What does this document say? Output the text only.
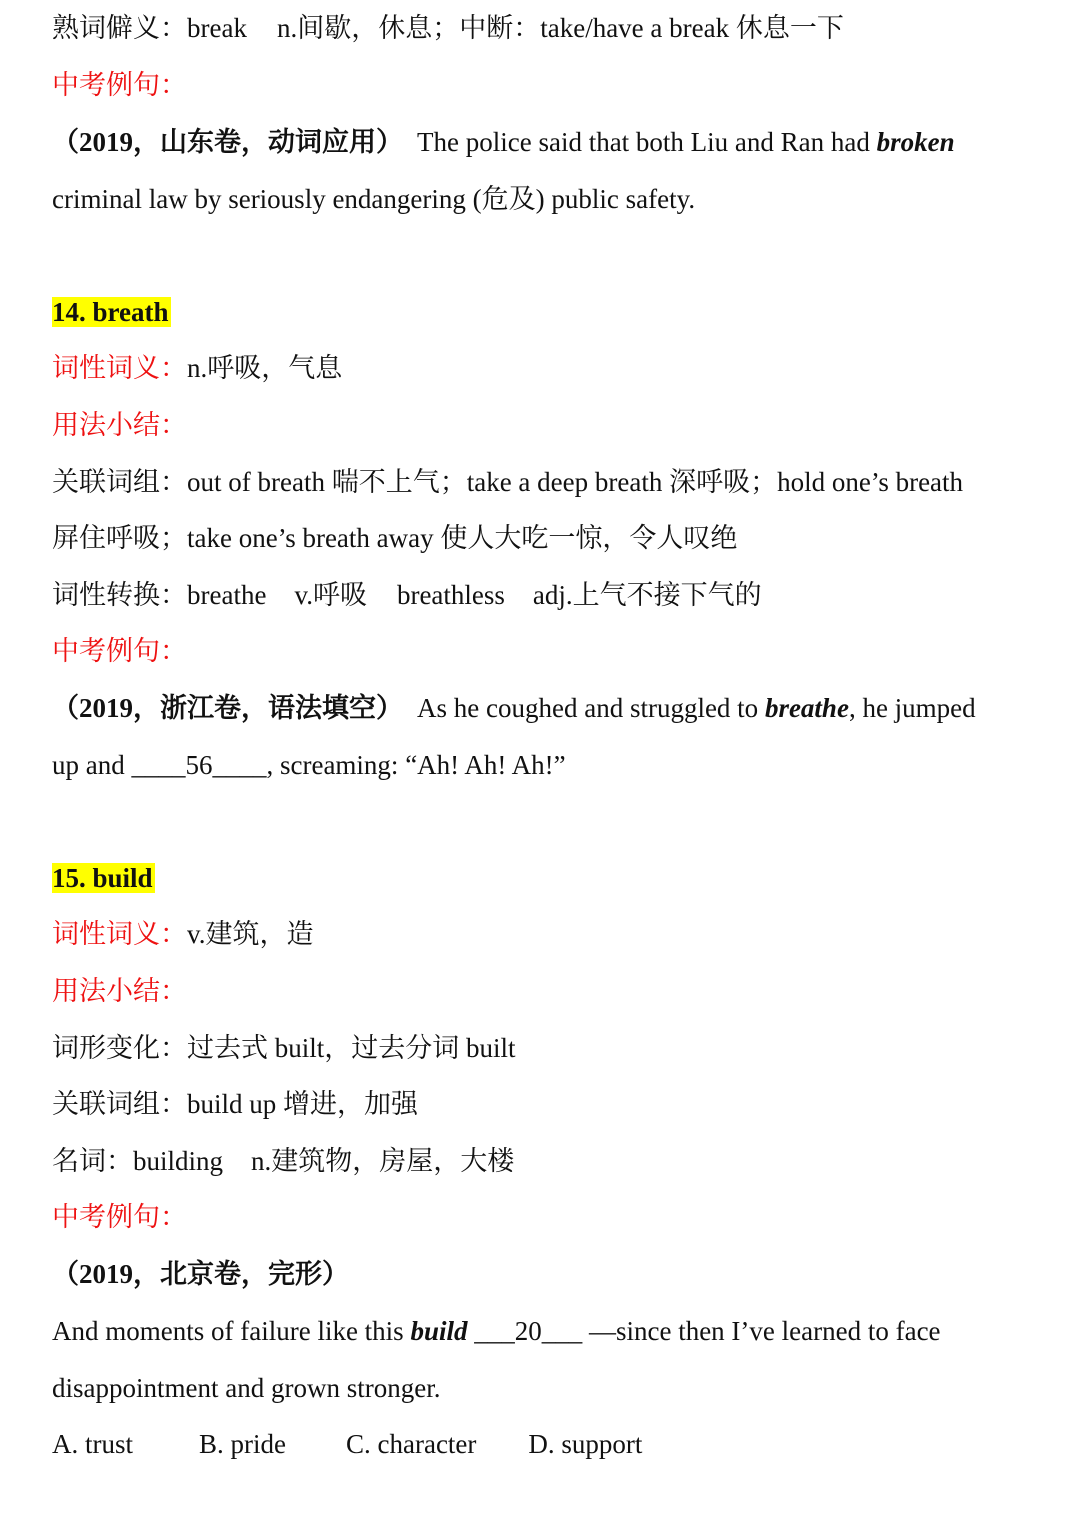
熟词僻义：break n.间歇，休息；中断：take/have a break 休息一下
中考例句：
（2019，山东卷，动词应用） The police said that both Liu and Ran had broken
criminal law by seriously endangering (危及) public safety.
14. breath
词性词义：n.呼吸，气息
用法小结：
关联词组：out of breath 喘不上气；take a deep breath 深呼吸；hold one’s breath
屏住呼吸；take one’s breath away 使人大吃一惊，令人叹绝
词性转换：breathe v.呼吸 breathless adj.上气不接下气的
中考例句：
（2019，浙江卷，语法填空） As he coughed and struggled to breathe, he jumped
up and ____56____, screaming: “Ah! Ah! Ah!”
15. build
词性词义：v.建筑，造
用法小结：
词形变化：过去式 built，过去分词 built
关联词组：build up 增进，加强
名词：building n.建筑物，房屋，大楼
中考例句：
（2019，北京卷，完形）
And moments of failure like this build ___20___ —since then I’ve learned to face
disappointment and grown stronger.
A. trust B. pride C. character D. support
